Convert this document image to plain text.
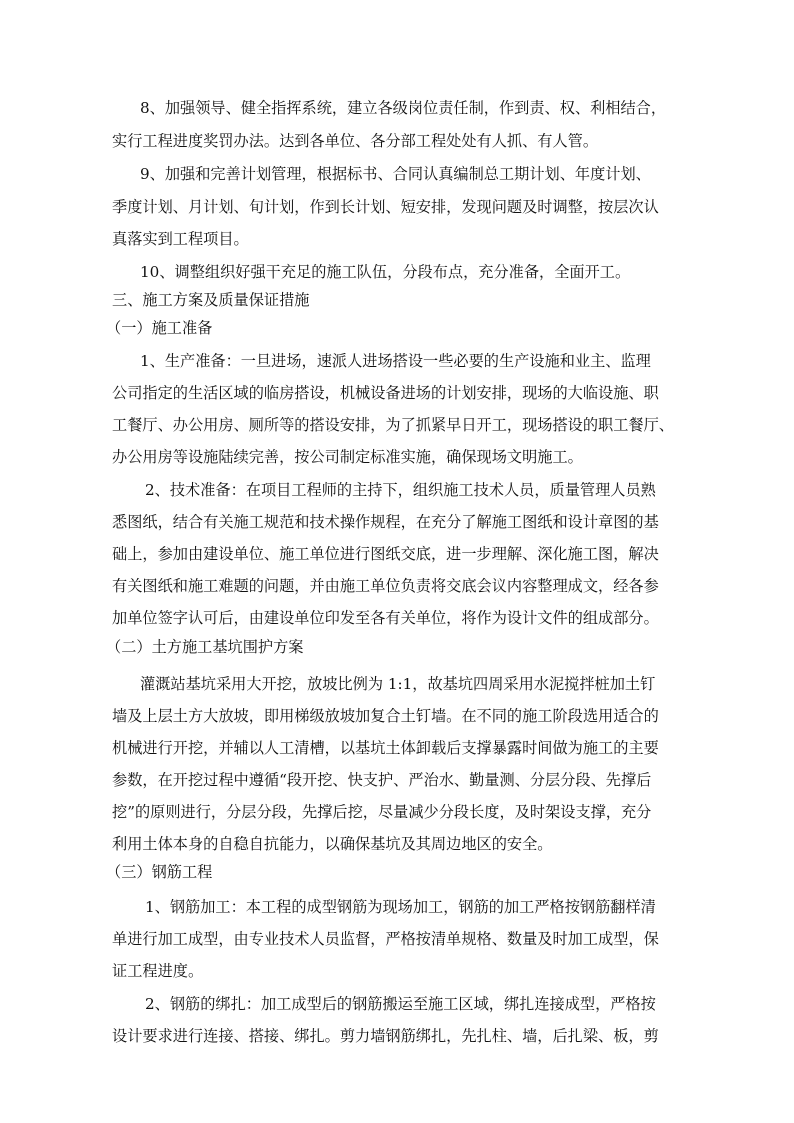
8、加强领导、健全指挥系统，建立各级岗位责任制，作到责、权、利相结合，
实行工程进度奖罚办法。达到各单位、各分部工程处处有人抓、有人管。
9、加强和完善计划管理，根据标书、合同认真编制总工期计划、年度计划、
季度计划、月计划、旬计划，作到长计划、短安排，发现问题及时调整，按层次认
真落实到工程项目。
10、调整组织好强干充足的施工队伍，分段布点，充分准备，全面开工。
三、施工方案及质量保证措施
（一）施工准备
1、生产准备：一旦进场，速派人进场搭设一些必要的生产设施和业主、监理
公司指定的生活区域的临房搭设，机械设备进场的计划安排，现场的大临设施、职
工餐厅、办公用房、厕所等的搭设安排，为了抓紧早日开工，现场搭设的职工餐厅、
办公用房等设施陆续完善，按公司制定标准实施，确保现场文明施工。
2、技术准备：在项目工程师的主持下，组织施工技术人员，质量管理人员熟
悉图纸，结合有关施工规范和技术操作规程，在充分了解施工图纸和设计章图的基
础上，参加由建设单位、施工单位进行图纸交底，进一步理解、深化施工图，解决
有关图纸和施工难题的问题，并由施工单位负责将交底会议内容整理成文，经各参
加单位签字认可后，由建设单位印发至各有关单位，将作为设计文件的组成部分。
（二）土方施工基坑围护方案
灌溉站基坑采用大开挖，放坡比例为 1:1，故基坑四周采用水泥搅拌桩加土钉
墙及上层土方大放坡，即用梯级放坡加复合土钉墙。在不同的施工阶段选用适合的
机械进行开挖，并辅以人工清槽，以基坑土体卸载后支撑暴露时间做为施工的主要
参数，在开挖过程中遵循“段开挖、快支护、严治水、勤量测、分层分段、先撑后
挖”的原则进行，分层分段，先撑后挖，尽量减少分段长度，及时架设支撑，充分
利用土体本身的自稳自抗能力，以确保基坑及其周边地区的安全。
（三）钢筋工程
1、钢筋加工：本工程的成型钢筋为现场加工，钢筋的加工严格按钢筋翻样清
单进行加工成型，由专业技术人员监督，严格按清单规格、数量及时加工成型，保
证工程进度。
2、钢筋的绑扎：加工成型后的钢筋搬运至施工区域，绑扎连接成型，严格按
设计要求进行连接、搭接、绑扎。剪力墙钢筋绑扎，先扎柱、墙，后扎梁、板，剪
